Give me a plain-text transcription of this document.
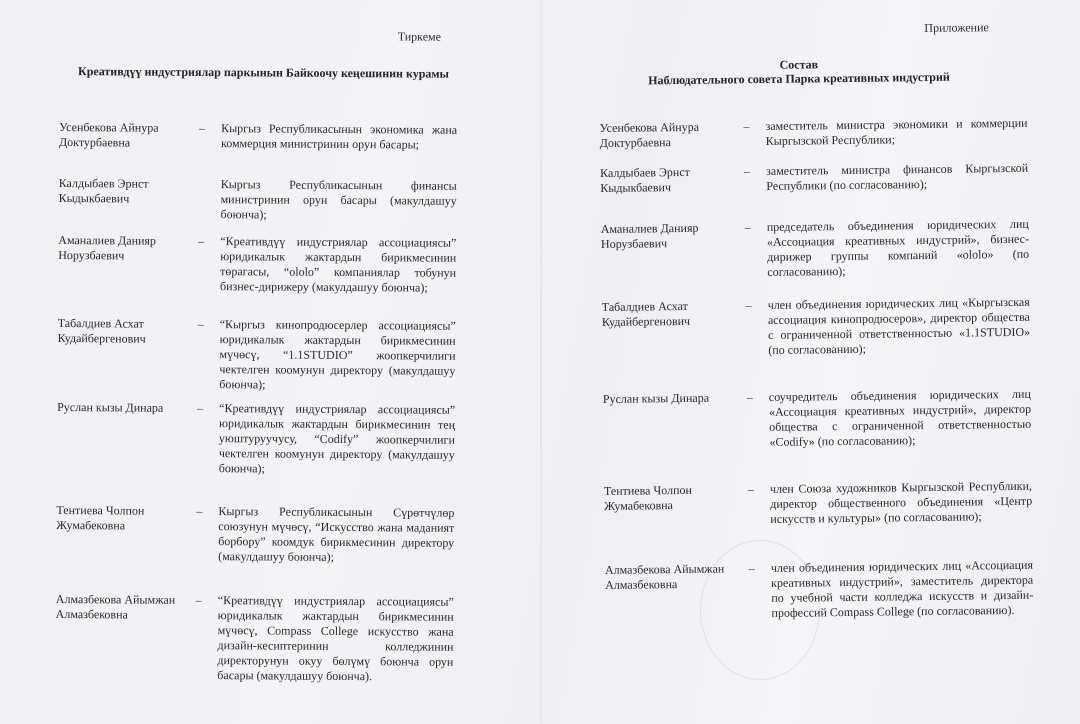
Тиркеме
Креативдүү индустриялар паркынын Байкоочу кеңешинин курамы
Усенбекова Айнура Доктурбаевна
– Кыргыз Республикасынын экономика жана коммерция министринин орун басары;
Калдыбаев Эрнст Кыдыкбаевич
Кыргыз Республикасынын финансы министринин орун басары (макулдашуу боюнча);
Аманалиев Данияр Норузбаевич
– “Креативдүү индустриялар ассоциациясы” юридикалык жактардын бирикмесинин төрагасы, “ololo” компаниялар тобунун бизнес-дирижеру (макулдашуу боюнча);
Табалдиев Асхат Кудайбергенович
– “Кыргыз кинопродюсерлер ассоциациясы” юридикалык жактардын бирикмесинин мүчөсү, “1.1STUDIO” жоопкерчилиги чектелген коомунун директору (макулдашуу боюнча);
Руслан кызы Динара	– “Креативдүү индустриялар ассоциациясы” юридикалык жактардын бирикмесинин тең уюштуруучусу, “Codify” жоопкерчилиги чектелген коомунун директору (макулдашуу боюнча);
Тентиева Чолпон Жумабековна
– Кыргыз Республикасынын Сүрөтчүлөр союзунун мүчөсү, “Искусство жана маданият борбору” коомдук бирикмесинин директору (макулдашуу боюнча);
Алмазбекова Айымжан Алмазбековна
– “Креативдүү индустриялар ассоциациясы” юридикалык жактардын бирикмесинин мүчөсү, Compass College искусство жана дизайн-кесиптеринин колледжинин директорунун окуу бөлүмү боюнча орун басары (макулдашуу боюнча).
Приложение
Состав
Наблюдательного совета Парка креативных индустрий
Усенбекова Айнура Доктурбаевна
– заместитель министра экономики и коммерции Кыргызской Республики;
Калдыбаев Эрнст Кыдыкбаевич
– заместитель министра финансов Кыргызской Республики (по согласованию);
Аманалиев Данияр Норузбаевич
– председатель объединения юридических лиц «Ассоциация креативных индустрий», бизнес-дирижер группы компаний «ololo» (по согласованию);
Табалдиев Асхат Кудайбергенович
– член объединения юридических лиц «Кыргызская ассоциация кинопродюсеров», директор общества с ограниченной ответственностью «1.1STUDIO» (по согласованию);
Руслан кызы Динара	– соучредитель объединения юридических лиц «Ассоциация креативных индустрий», директор общества с ограниченной ответственностью «Codify» (по согласованию);
Тентиева Чолпон Жумабековна
– член Союза художников Кыргызской Республики, директор общественного объединения «Центр искусств и культуры» (по согласованию);
Алмазбекова Айымжан Алмазбековна
– член объединения юридических лиц «Ассоциация креативных индустрий», заместитель директора по учебной части колледжа искусств и дизайн-профессий Compass College (по согласованию).
